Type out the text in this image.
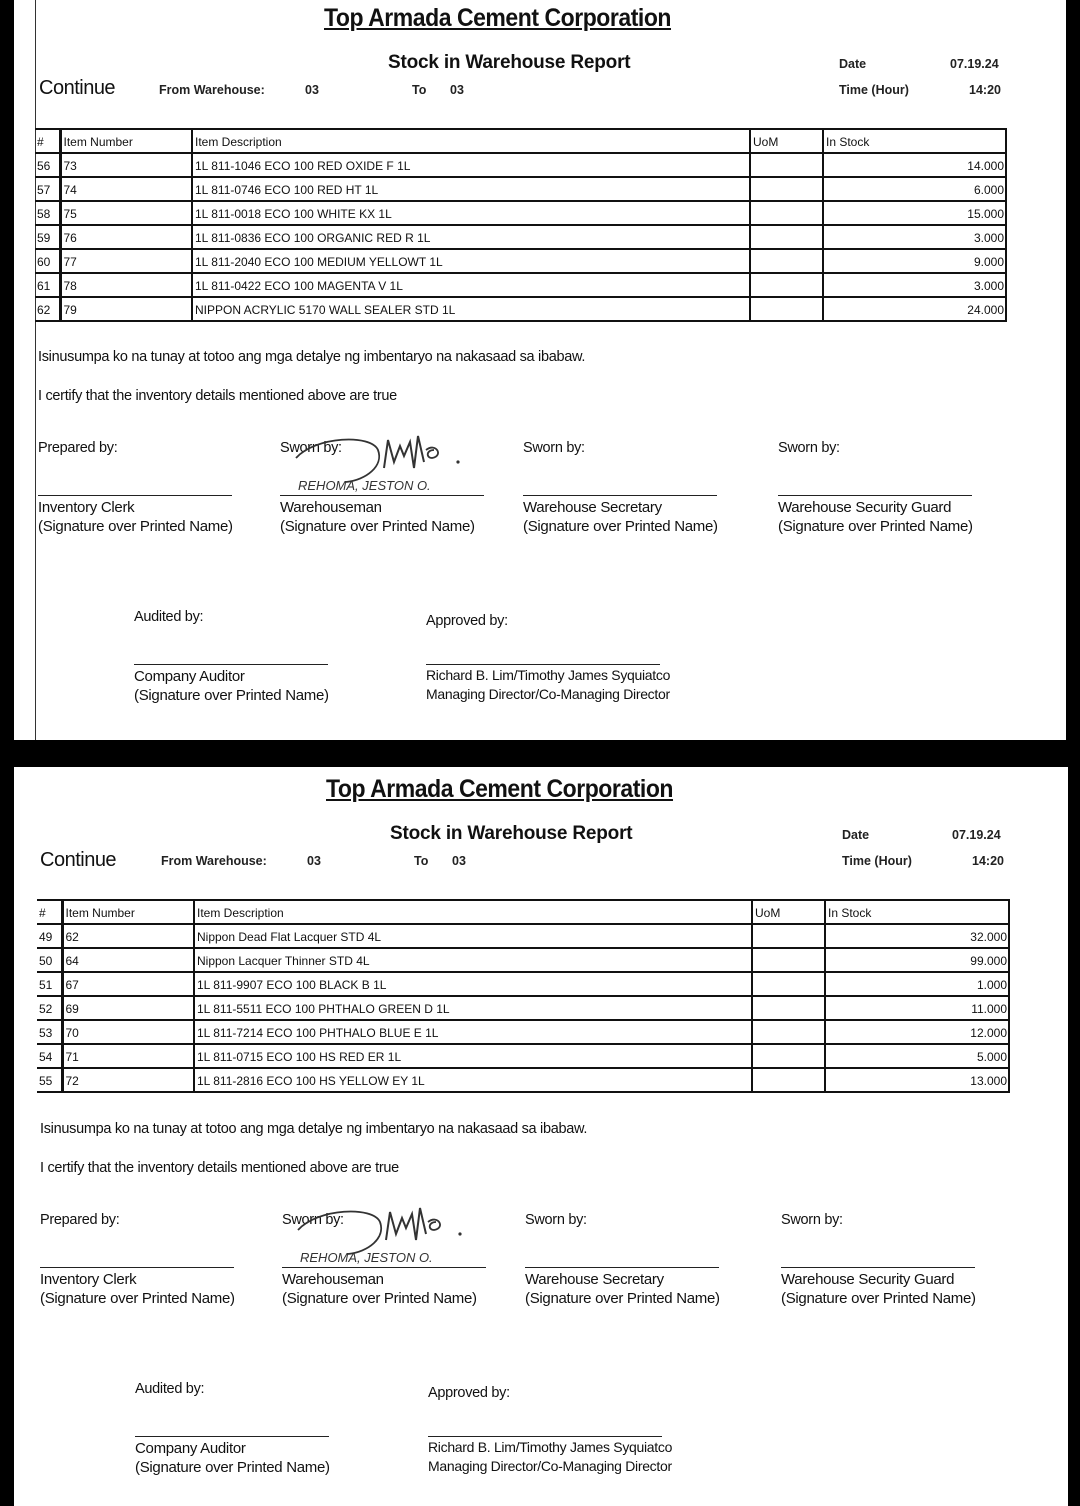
Top Armada Cement Corporation
Stock in Warehouse Report
Continue	From Warehouse:	03	To 03
Date	07.19.24
Time (Hour)	14:20
#	Item Number	Item Description	UoM	In Stock
56	73	1L 811-1046 ECO 100 RED OXIDE F 1L		14.000
57	74	1L 811-0746 ECO 100 RED HT 1L		6.000
58	75	1L 811-0018 ECO 100 WHITE KX 1L		15.000
59	76	1L 811-0836 ECO 100 ORGANIC RED R 1L		3.000
60	77	1L 811-2040 ECO 100 MEDIUM YELLOWT 1L		9.000
61	78	1L 811-0422 ECO 100 MAGENTA V 1L		3.000
62	79	NIPPON ACRYLIC 5170 WALL SEALER STD 1L		24.000
Isinusumpa ko na tunay at totoo ang mga detalye ng imbentaryo na nakasaad sa ibabaw.
I certify that the inventory details mentioned above are true
Prepared by:
Inventory Clerk
(Signature over Printed Name)
Sworn by:
REHOMA, JESTON O.
Warehouseman
(Signature over Printed Name)
Sworn by:
Warehouse Secretary
(Signature over Printed Name)
Sworn by:
Warehouse Security Guard
(Signature over Printed Name)
Audited by:
Company Auditor
(Signature over Printed Name)
Approved by:
Richard B. Lim/Timothy James Syquiatco
Managing Director/Co-Managing Director
Top Armada Cement Corporation
Stock in Warehouse Report
Continue	From Warehouse:	03	To 03
Date	07.19.24
Time (Hour)	14:20
#	Item Number	Item Description	UoM	In Stock
49	62	Nippon Dead Flat Lacquer STD 4L		32.000
50	64	Nippon Lacquer Thinner STD 4L		99.000
51	67	1L 811-9907 ECO 100 BLACK B 1L		1.000
52	69	1L 811-5511 ECO 100 PHTHALO GREEN D 1L		11.000
53	70	1L 811-7214 ECO 100 PHTHALO BLUE E 1L		12.000
54	71	1L 811-0715 ECO 100 HS RED ER 1L		5.000
55	72	1L 811-2816 ECO 100 HS YELLOW EY 1L		13.000
Isinusumpa ko na tunay at totoo ang mga detalye ng imbentaryo na nakasaad sa ibabaw.
I certify that the inventory details mentioned above are true
Prepared by:
Inventory Clerk
(Signature over Printed Name)
Sworn by:
REHOMA, JESTON O.
Warehouseman
(Signature over Printed Name)
Sworn by:
Warehouse Secretary
(Signature over Printed Name)
Sworn by:
Warehouse Security Guard
(Signature over Printed Name)
Audited by:
Company Auditor
(Signature over Printed Name)
Approved by:
Richard B. Lim/Timothy James Syquiatco
Managing Director/Co-Managing Director
